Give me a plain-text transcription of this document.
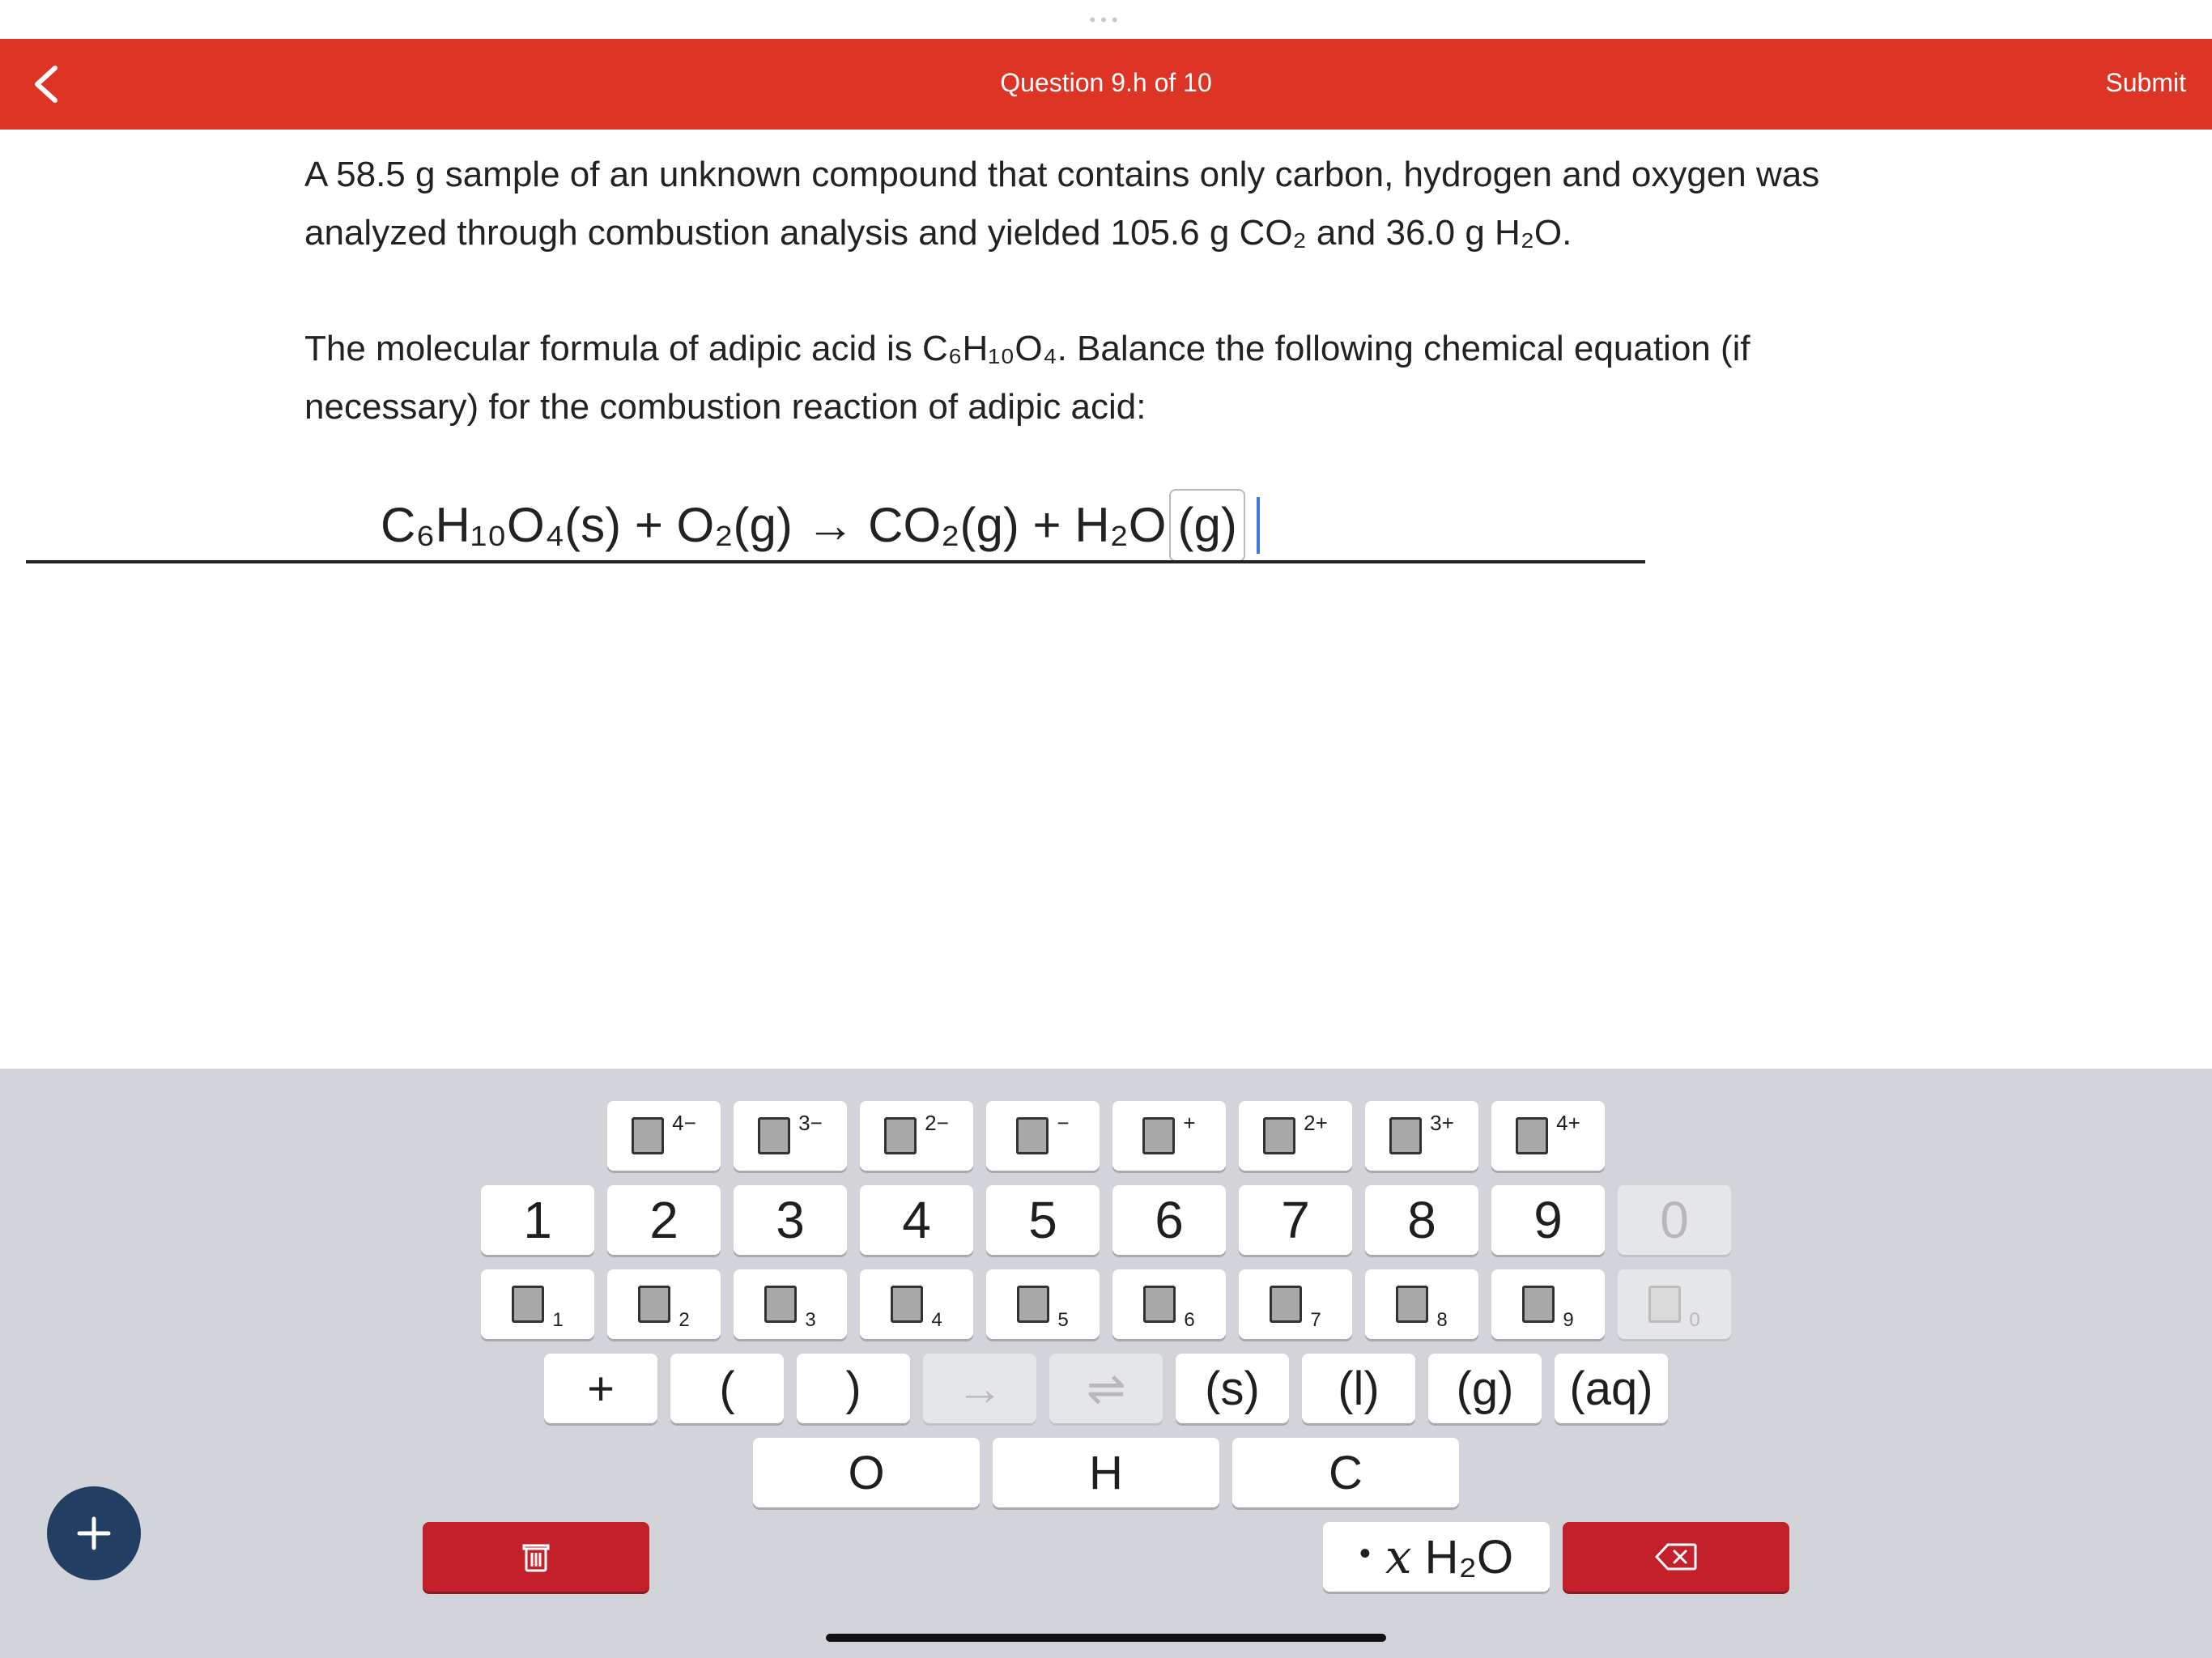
•••
Question 9.h of 10	Submit
A 58.5 g sample of an unknown compound that contains only carbon, hydrogen and oxygen was
analyzed through combustion analysis and yielded 105.6 g CO₂ and 36.0 g H₂O.
The molecular formula of adipic acid is C₆H₁₀O₄. Balance the following chemical equation (if
necessary) for the combustion reaction of adipic acid:
C₆H₁₀O₄(s) + O₂(g) → CO₂(g) + H₂O (g)
4−	3−	2−	−	+	2+	3+	4+
1	2	3	4	5	6	7	8	9	0
1	2	3	4	5	6	7	8	9	0
+	(	)	→	⇌	(s)	(l)	(g)	(aq)
O	H	C
• x H₂O
